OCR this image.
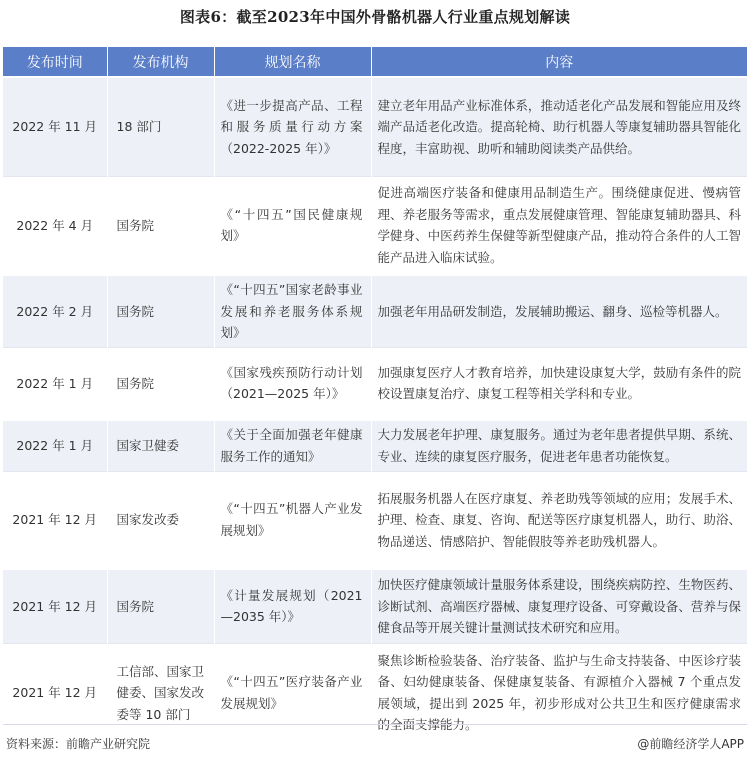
图表6：截至2023年中国外骨骼机器人行业重点规划解读
发布时间	发布机构	规划名称	内容
2022 年 11 月	18 部门	《进一步提高产品、工程和服务质量行动方案（2022-2025 年）》	建立老年用品产业标准体系，推动适老化产品发展和智能应用及终端产品适老化改造。提高轮椅、助行机器人等康复辅助器具智能化程度，丰富助视、助听和辅助阅读类产品供给。
2022 年 4 月	国务院	《“十四五”国民健康规划》	促进高端医疗装备和健康用品制造生产。围绕健康促进、慢病管理、养老服务等需求，重点发展健康管理、智能康复辅助器具、科学健身、中医药养生保健等新型健康产品，推动符合条件的人工智能产品进入临床试验。
2022 年 2 月	国务院	《“十四五”国家老龄事业发展和养老服务体系规划》	加强老年用品研发制造，发展辅助搬运、翻身、巡检等机器人。
2022 年 1 月	国务院	《国家残疾预防行动计划（2021—2025 年）》	加强康复医疗人才教育培养，加快建设康复大学，鼓励有条件的院校设置康复治疗、康复工程等相关学科和专业。
2022 年 1 月	国家卫健委	《关于全面加强老年健康服务工作的通知》	大力发展老年护理、康复服务。通过为老年患者提供早期、系统、专业、连续的康复医疗服务，促进老年患者功能恢复。
2021 年 12 月	国家发改委	《“十四五”机器人产业发展规划》	拓展服务机器人在医疗康复、养老助残等领域的应用；发展手术、护理、检查、康复、咨询、配送等医疗康复机器人，助行、助浴、物品递送、情感陪护、智能假肢等养老助残机器人。
2021 年 12 月	国务院	《计量发展规划（2021—2035 年）》	加快医疗健康领域计量服务体系建设，围绕疾病防控、生物医药、诊断试剂、高端医疗器械、康复理疗设备、可穿戴设备、营养与保健食品等开展关键计量测试技术研究和应用。
2021 年 12 月	工信部、国家卫健委、国家发改委等 10 部门	《“十四五”医疗装备产业发展规划》	聚焦诊断检验装备、治疗装备、监护与生命支持装备、中医诊疗装备、妇幼健康装备、保健康复装备、有源植介入器械 7 个重点发展领域，提出到 2025 年，初步形成对公共卫生和医疗健康需求的全面支撑能力。
资料来源：前瞻产业研究院	@前瞻经济学人APP
